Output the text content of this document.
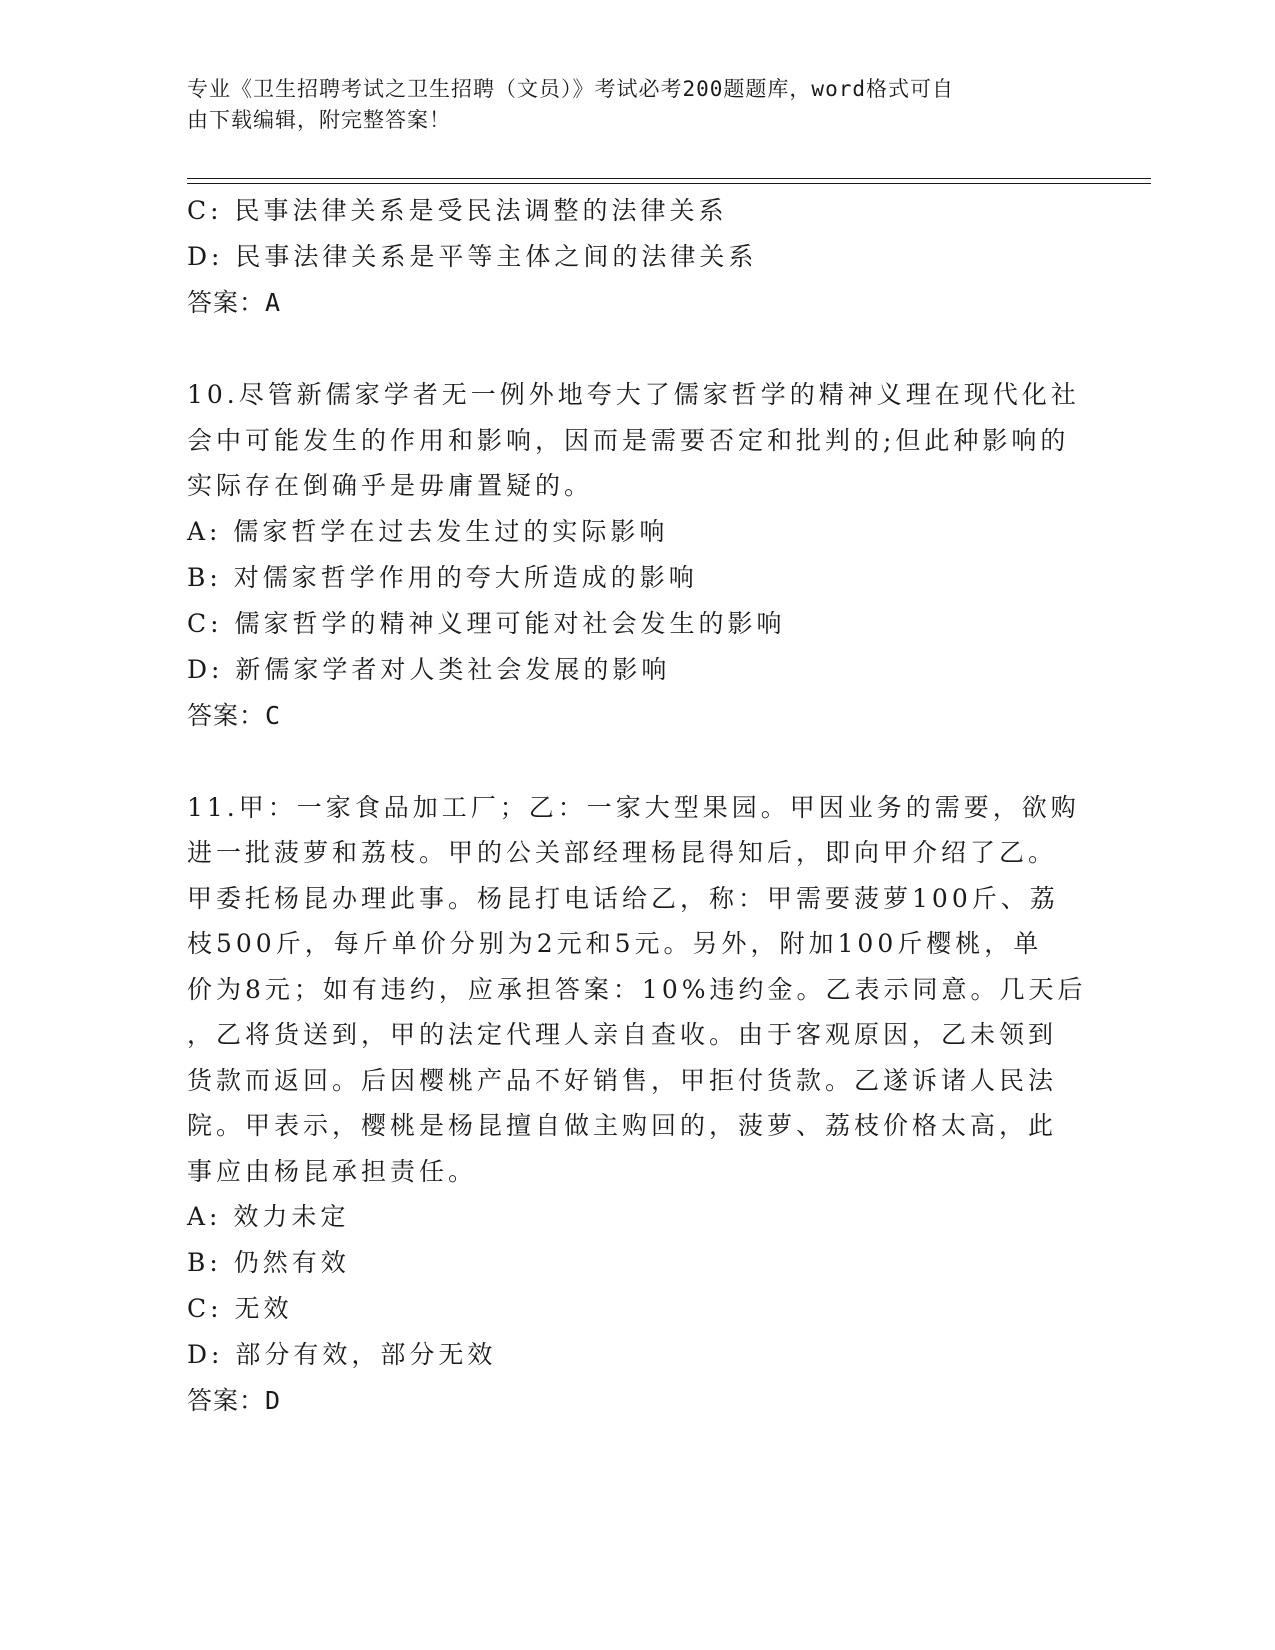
专业《卫生招聘考试之卫生招聘（文员）》考试必考200题题库，word格式可自
由下载编辑，附完整答案！
C: 民事法律关系是受民法调整的法律关系
D: 民事法律关系是平等主体之间的法律关系
答案：A

10.尽管新儒家学者无一例外地夸大了儒家哲学的精神义理在现代化社

会中可能发生的作用和影响，因而是需要否定和批判的;但此种影响的

实际存在倒确乎是毋庸置疑的。

A: 儒家哲学在过去发生过的实际影响
B: 对儒家哲学作用的夸大所造成的影响
C: 儒家哲学的精神义理可能对社会发生的影响
D: 新儒家学者对人类社会发展的影响
答案：C

11.甲：一家食品加工厂；乙：一家大型果园。甲因业务的需要，欲购

进一批菠萝和荔枝。甲的公关部经理杨昆得知后，即向甲介绍了乙。

甲委托杨昆办理此事。杨昆打电话给乙，称：甲需要菠萝100斤、荔

枝500斤，每斤单价分别为2元和5元。另外，附加100斤樱桃，单

价为8元；如有违约，应承担答案：10%违约金。乙表示同意。几天后

，乙将货送到，甲的法定代理人亲自查收。由于客观原因，乙未领到

货款而返回。后因樱桃产品不好销售，甲拒付货款。乙遂诉诸人民法

院。甲表示，樱桃是杨昆擅自做主购回的，菠萝、荔枝价格太高，此

事应由杨昆承担责任。

A: 效力未定
B: 仍然有效
C: 无效
D: 部分有效，部分无效
答案：D
